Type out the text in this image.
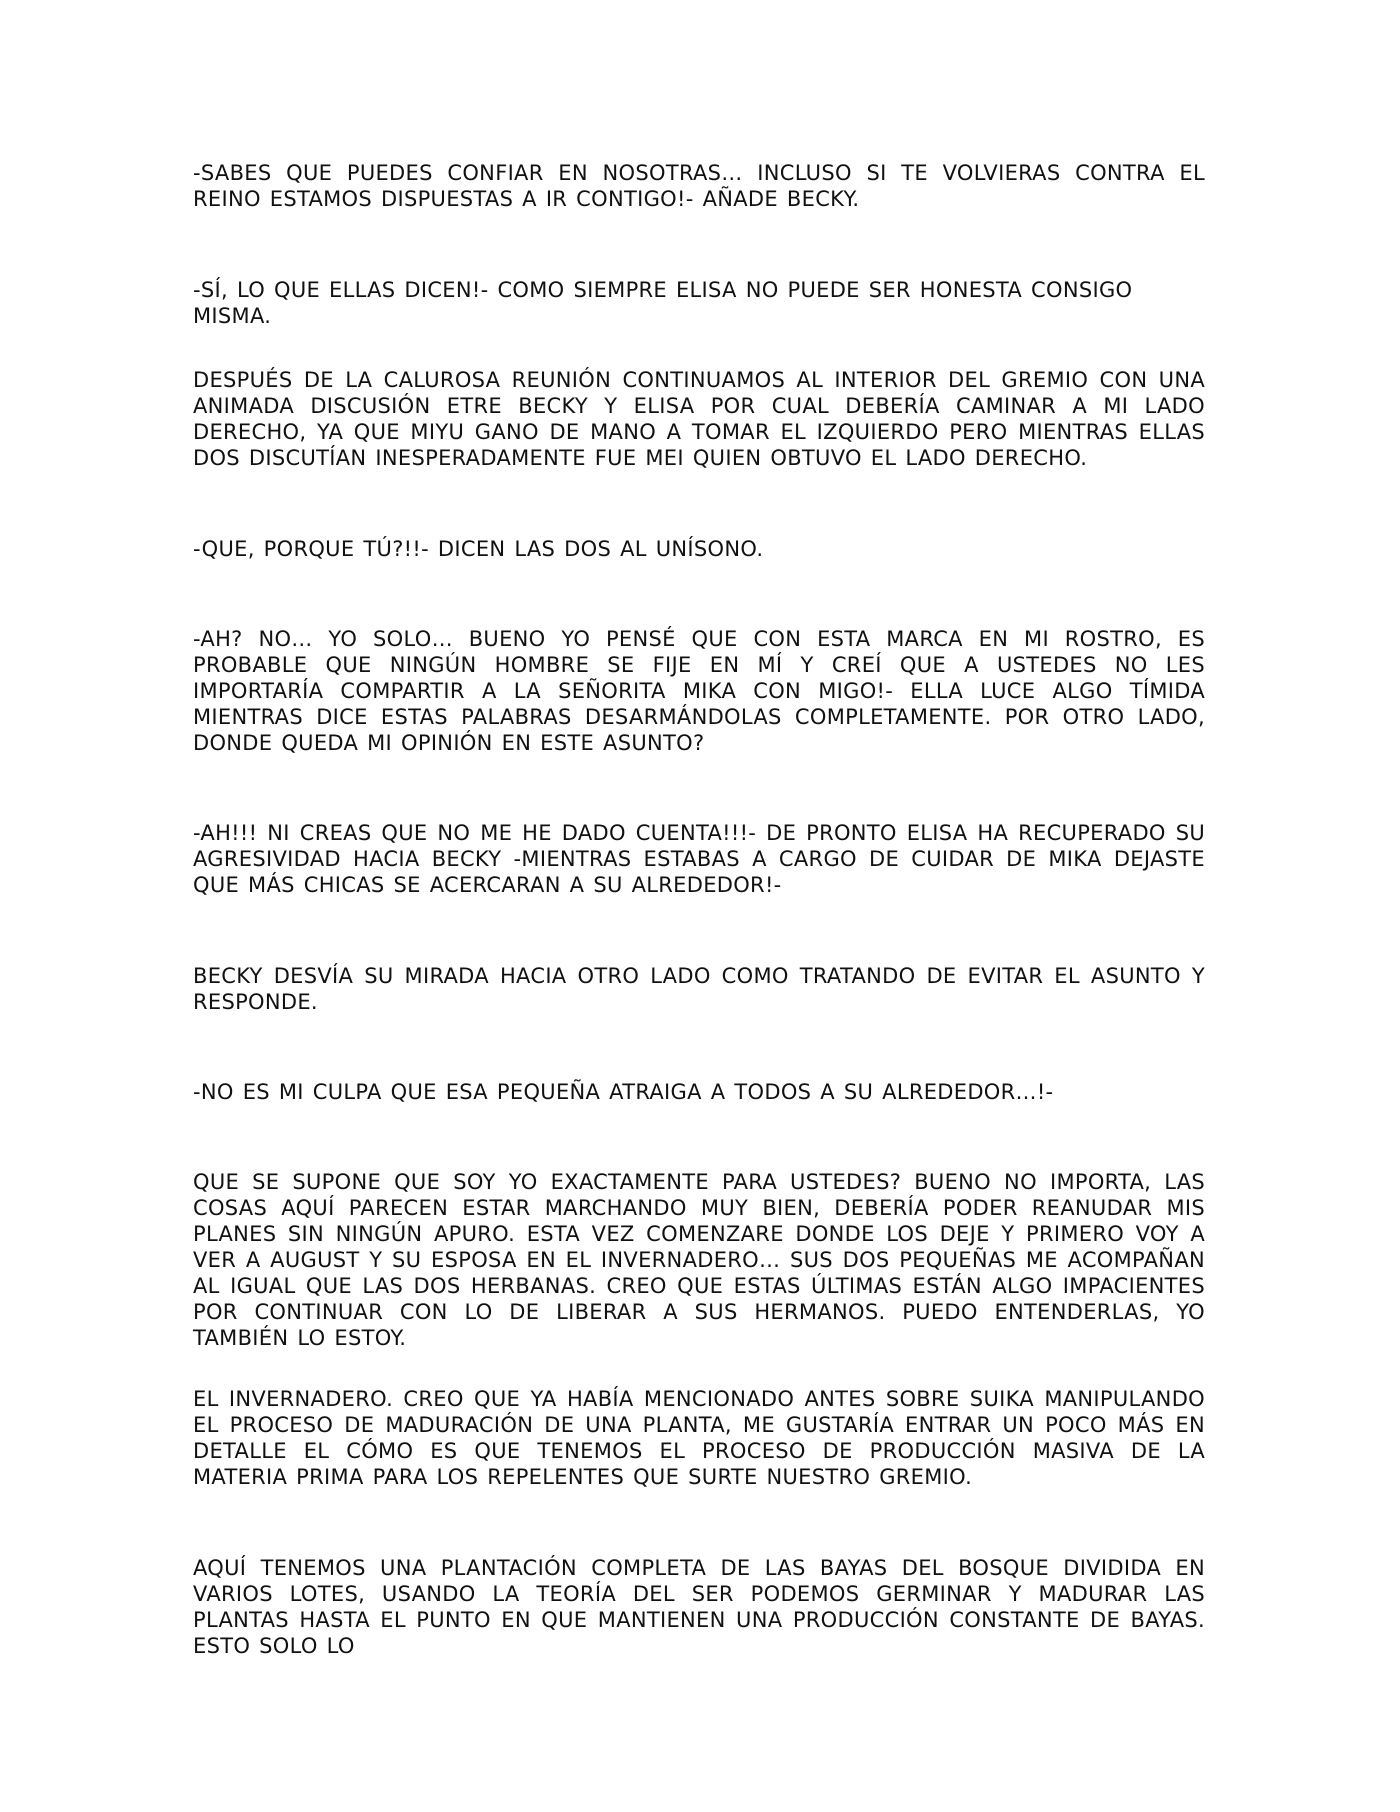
-SABES QUE PUEDES CONFIAR EN NOSOTRAS… INCLUSO SI TE VOLVIERAS CONTRA EL REINO ESTAMOS DISPUESTAS A IR CONTIGO!- AÑADE BECKY.

-SÍ, LO QUE ELLAS DICEN!- COMO SIEMPRE ELISA NO PUEDE SER HONESTA CONSIGO MISMA.

DESPUÉS DE LA CALUROSA REUNIÓN CONTINUAMOS AL INTERIOR DEL GREMIO CON UNA ANIMADA DISCUSIÓN ETRE BECKY Y ELISA POR CUAL DEBERÍA CAMINAR A MI LADO DERECHO, YA QUE MIYU GANO DE MANO A TOMAR EL IZQUIERDO PERO MIENTRAS ELLAS DOS DISCUTÍAN INESPERADAMENTE FUE MEI QUIEN OBTUVO EL LADO DERECHO.

-QUE, PORQUE TÚ?!!- DICEN LAS DOS AL UNÍSONO.

-AH? NO… YO SOLO… BUENO YO PENSÉ QUE CON ESTA MARCA EN MI ROSTRO, ES PROBABLE QUE NINGÚN HOMBRE SE FIJE EN MÍ Y CREÍ QUE A USTEDES NO LES IMPORTARÍA COMPARTIR A LA SEÑORITA MIKA CON MIGO!- ELLA LUCE ALGO TÍMIDA MIENTRAS DICE ESTAS PALABRAS DESARMÁNDOLAS COMPLETAMENTE. POR OTRO LADO, DONDE QUEDA MI OPINIÓN EN ESTE ASUNTO?

-AH!!! NI CREAS QUE NO ME HE DADO CUENTA!!!- DE PRONTO ELISA HA RECUPERADO SU AGRESIVIDAD HACIA BECKY -MIENTRAS ESTABAS A CARGO DE CUIDAR DE MIKA DEJASTE QUE MÁS CHICAS SE ACERCARAN A SU ALREDEDOR!-

BECKY DESVÍA SU MIRADA HACIA OTRO LADO COMO TRATANDO DE EVITAR EL ASUNTO Y RESPONDE.

-NO ES MI CULPA QUE ESA PEQUEÑA ATRAIGA A TODOS A SU ALREDEDOR…!-

QUE SE SUPONE QUE SOY YO EXACTAMENTE PARA USTEDES? BUENO NO IMPORTA, LAS COSAS AQUÍ PARECEN ESTAR MARCHANDO MUY BIEN, DEBERÍA PODER REANUDAR MIS PLANES SIN NINGÚN APURO. ESTA VEZ COMENZARE DONDE LOS DEJE Y PRIMERO VOY A VER A AUGUST Y SU ESPOSA EN EL INVERNADERO… SUS DOS PEQUEÑAS ME ACOMPAÑAN AL IGUAL QUE LAS DOS HERBANAS. CREO QUE ESTAS ÚLTIMAS ESTÁN ALGO IMPACIENTES POR CONTINUAR CON LO DE LIBERAR A SUS HERMANOS. PUEDO ENTENDERLAS, YO TAMBIÉN LO ESTOY.

EL INVERNADERO. CREO QUE YA HABÍA MENCIONADO ANTES SOBRE SUIKA MANIPULANDO EL PROCESO DE MADURACIÓN DE UNA PLANTA, ME GUSTARÍA ENTRAR UN POCO MÁS EN DETALLE EL CÓMO ES QUE TENEMOS EL PROCESO DE PRODUCCIÓN MASIVA DE LA MATERIA PRIMA PARA LOS REPELENTES QUE SURTE NUESTRO GREMIO.

AQUÍ TENEMOS UNA PLANTACIÓN COMPLETA DE LAS BAYAS DEL BOSQUE DIVIDIDA EN VARIOS LOTES, USANDO LA TEORÍA DEL SER PODEMOS GERMINAR Y MADURAR LAS PLANTAS HASTA EL PUNTO EN QUE MANTIENEN UNA PRODUCCIÓN CONSTANTE DE BAYAS. ESTO SOLO LO
